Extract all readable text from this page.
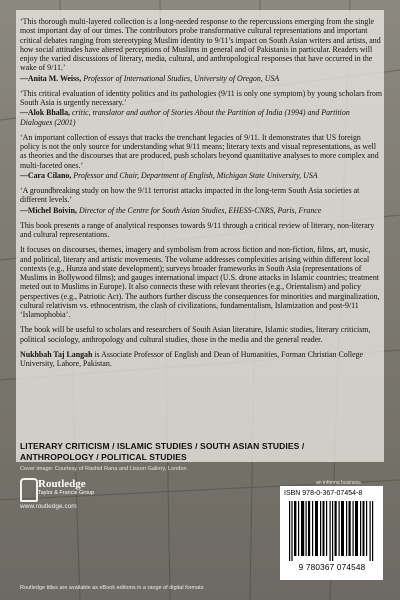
‘This thorough multi-layered collection is a long-needed response to the repercussions emerging from the single most important day of our times. The contributors probe transformative cultural representations and important critical debates ranging from stereotyping Muslim identity to 9/11’s impact on South Asian writers and artists, and how social attitudes have altered perceptions of Muslims in general and of Pakistanis in particular. Readers will enjoy the varied discussions of literary, media, cultural, and anthropological responses that have occurred in the wake of 9/11.’
—Anita M. Weiss, Professor of International Studies, University of Oregon, USA
‘This critical evaluation of identity politics and its pathologies (9/11 is only one symptom) by young scholars from South Asia is urgently necessary.’
—Alok Bhalla, critic, translator and author of Stories About the Partition of India (1994) and Partition Dialogues (2001)
‘An important collection of essays that tracks the trenchant legacies of 9/11. It demonstrates that US foreign policy is not the only source for understanding what 9/11 means; literary texts and visual representations, as well as theories and the discourses that are produced, push scholars beyond quantitative analyses to more complex and multi-faceted ones.’
—Cara Cilano, Professor and Chair, Department of English, Michigan State University, USA
‘A groundbreaking study on how the 9/11 terrorist attacks impacted in the long-term South Asia societies at different levels.’
—Michel Boivin, Director of the Centre for South Asian Studies, EHESS-CNRS, Paris, France
This book presents a range of analytical responses towards 9/11 through a critical review of literary, non-literary and cultural representations.
It focuses on discourses, themes, imagery and symbolism from across fiction and non-fiction, films, art, music, and political, literary and artistic movements. The volume addresses complexities arising within different local contexts (e.g., Hunza and state development); surveys broader frameworks in South Asia (representations of Muslims in Bollywood films); and gauges international impact (U.S. drone attacks in Islamic countries; treatment meted out to Muslims in Europe). It also connects these with relevant theories (e.g., Orientalism) and policy perspectives (e.g., Patriotic Act). The authors further discuss the consequences for minorities and marginalization, cultural relativism vs. ethnocentrism, the clash of civilizations, fundamentalism, Islamization and post-9/11 ‘Islamophobia’.
The book will be useful to scholars and researchers of South Asian literature, Islamic studies, literary criticism, political sociology, anthropology and cultural studies, those in the media and the general reader.
Nukhbah Taj Langah is Associate Professor of English and Dean of Humanities, Forman Christian College University, Lahore, Pakistan.
LITERARY CRITICISM / ISLAMIC STUDIES / SOUTH ASIAN STUDIES /
ANTHROPOLOGY / POLITICAL STUDIES
Cover image: Courtesy of Rashid Rana and Lisson Gallery, London
Routledge
Taylor & Francis Group
www.routledge.com
an informa business
ISBN 978-0-367-07454-8
9 780367 074548
Routledge titles are available as eBook editions in a range of digital formats
